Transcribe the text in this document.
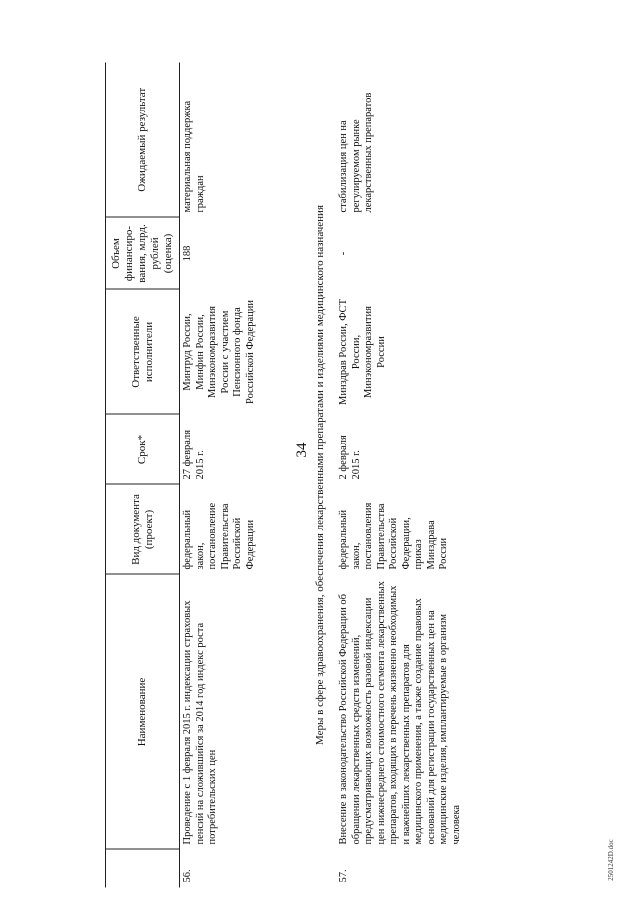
34
	Наименование	Вид документа (проект)	Срок*	Ответственные исполнители	Объем финансиро-вания, млрд. рублей (оценка)	Ожидаемый результат
56.	Проведение с 1 февраля 2015 г. индексации страховых пенсий на сложившийся за 2014 год индекс роста потребительских цен	федеральный закон, постановление Правительства Российской Федерации	27 февраля 2015 г.	Минтруд России, Минфин России, Минэкономразвития России с участием Пенсионного фонда Российской Федерации	188	материальная поддержка граждан
Меры в сфере здравоохранения, обеспечения лекарственными препаратами и изделиями медицинского назначения						
57.	Внесение в законодательство Российской Федерации об обращении лекарственных средств изменений, предусматривающих возможность разовой индексации цен нижнесреднего стоимостного сегмента лекарственных препаратов, входящих в перечень жизненно необходимых и важнейших лекарственных препаратов для медицинского применения, а также создание правовых оснований для регистрации государственных цен на медицинские изделия, имплантируемые в организм человека	федеральный закон, постановления Правительства Российской Федерации, приказ Минздрава России	2 февраля 2015 г.	Минздрав России, ФСТ России, Минэкономразвития России	-	стабилизация цен на регулируемом рынке лекарственных препаратов
2501242D.doc
